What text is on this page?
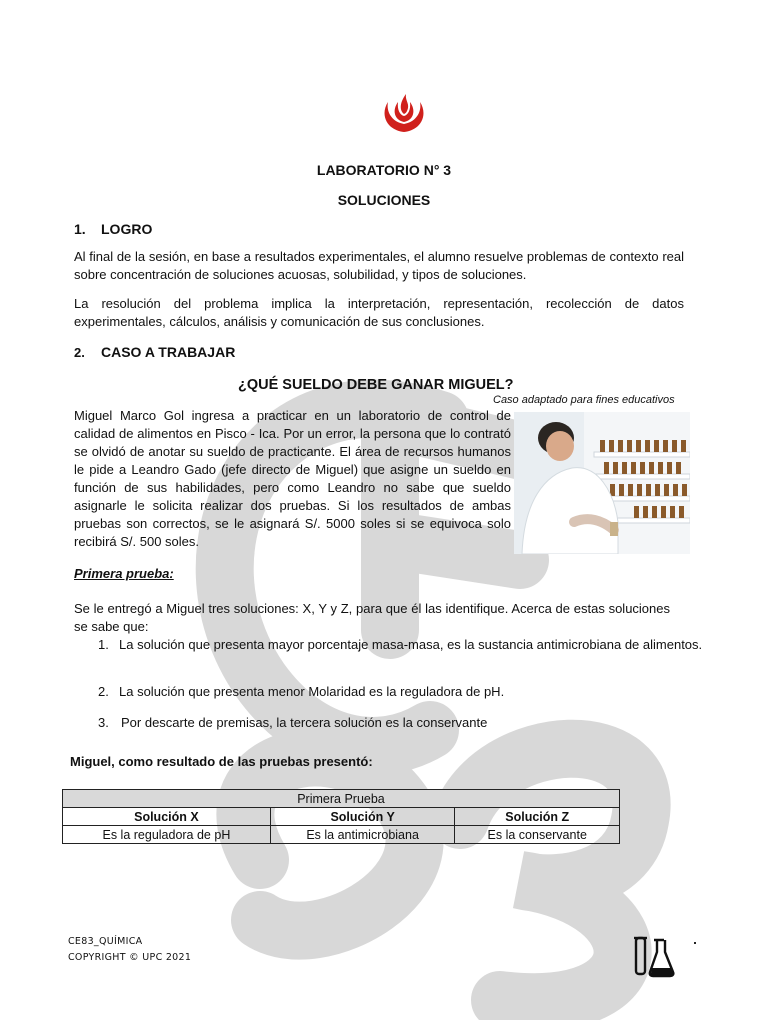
LABORATORIO N° 3
SOLUCIONES
1. LOGRO
Al final de la sesión, en base a resultados experimentales, el alumno resuelve problemas de contexto real sobre concentración de soluciones acuosas, solubilidad, y tipos de soluciones.
La resolución del problema implica la interpretación, representación, recolección de datos experimentales, cálculos, análisis y comunicación de sus conclusiones.
2. CASO A TRABAJAR
¿QUÉ SUELDO DEBE GANAR MIGUEL?
Caso adaptado para fines educativos
Miguel Marco Gol ingresa a practicar en un laboratorio de control de calidad de alimentos en Pisco - Ica. Por un error, la persona que lo contrató se olvidó de anotar su sueldo de practicante. El área de recursos humanos le pide a Leandro Gado (jefe directo de Miguel) que asigne un sueldo en función de sus habilidades, pero como Leandro no sabe que sueldo asignarle le solicita realizar dos pruebas. Si los resultados de ambas pruebas son correctos, se le asignará S/. 5000 soles si se equivoca solo recibirá S/. 500 soles.
Primera prueba:
Se le entregó a Miguel tres soluciones: X, Y y Z, para que él las identifique. Acerca de estas soluciones se sabe que:
1. La solución que presenta mayor porcentaje masa-masa, es la sustancia antimicrobiana de alimentos.
2. La solución que presenta menor Molaridad es la reguladora de pH.
3. Por descarte de premisas, la tercera solución es la conservante
Miguel, como resultado de las pruebas presentó:
Primera Prueba		
Solución X	Solución Y	Solución Z
Es la reguladora de pH	Es la antimicrobiana	Es la conservante
CE83_QUÍMICA
COPYRIGHT © UPC 2021
